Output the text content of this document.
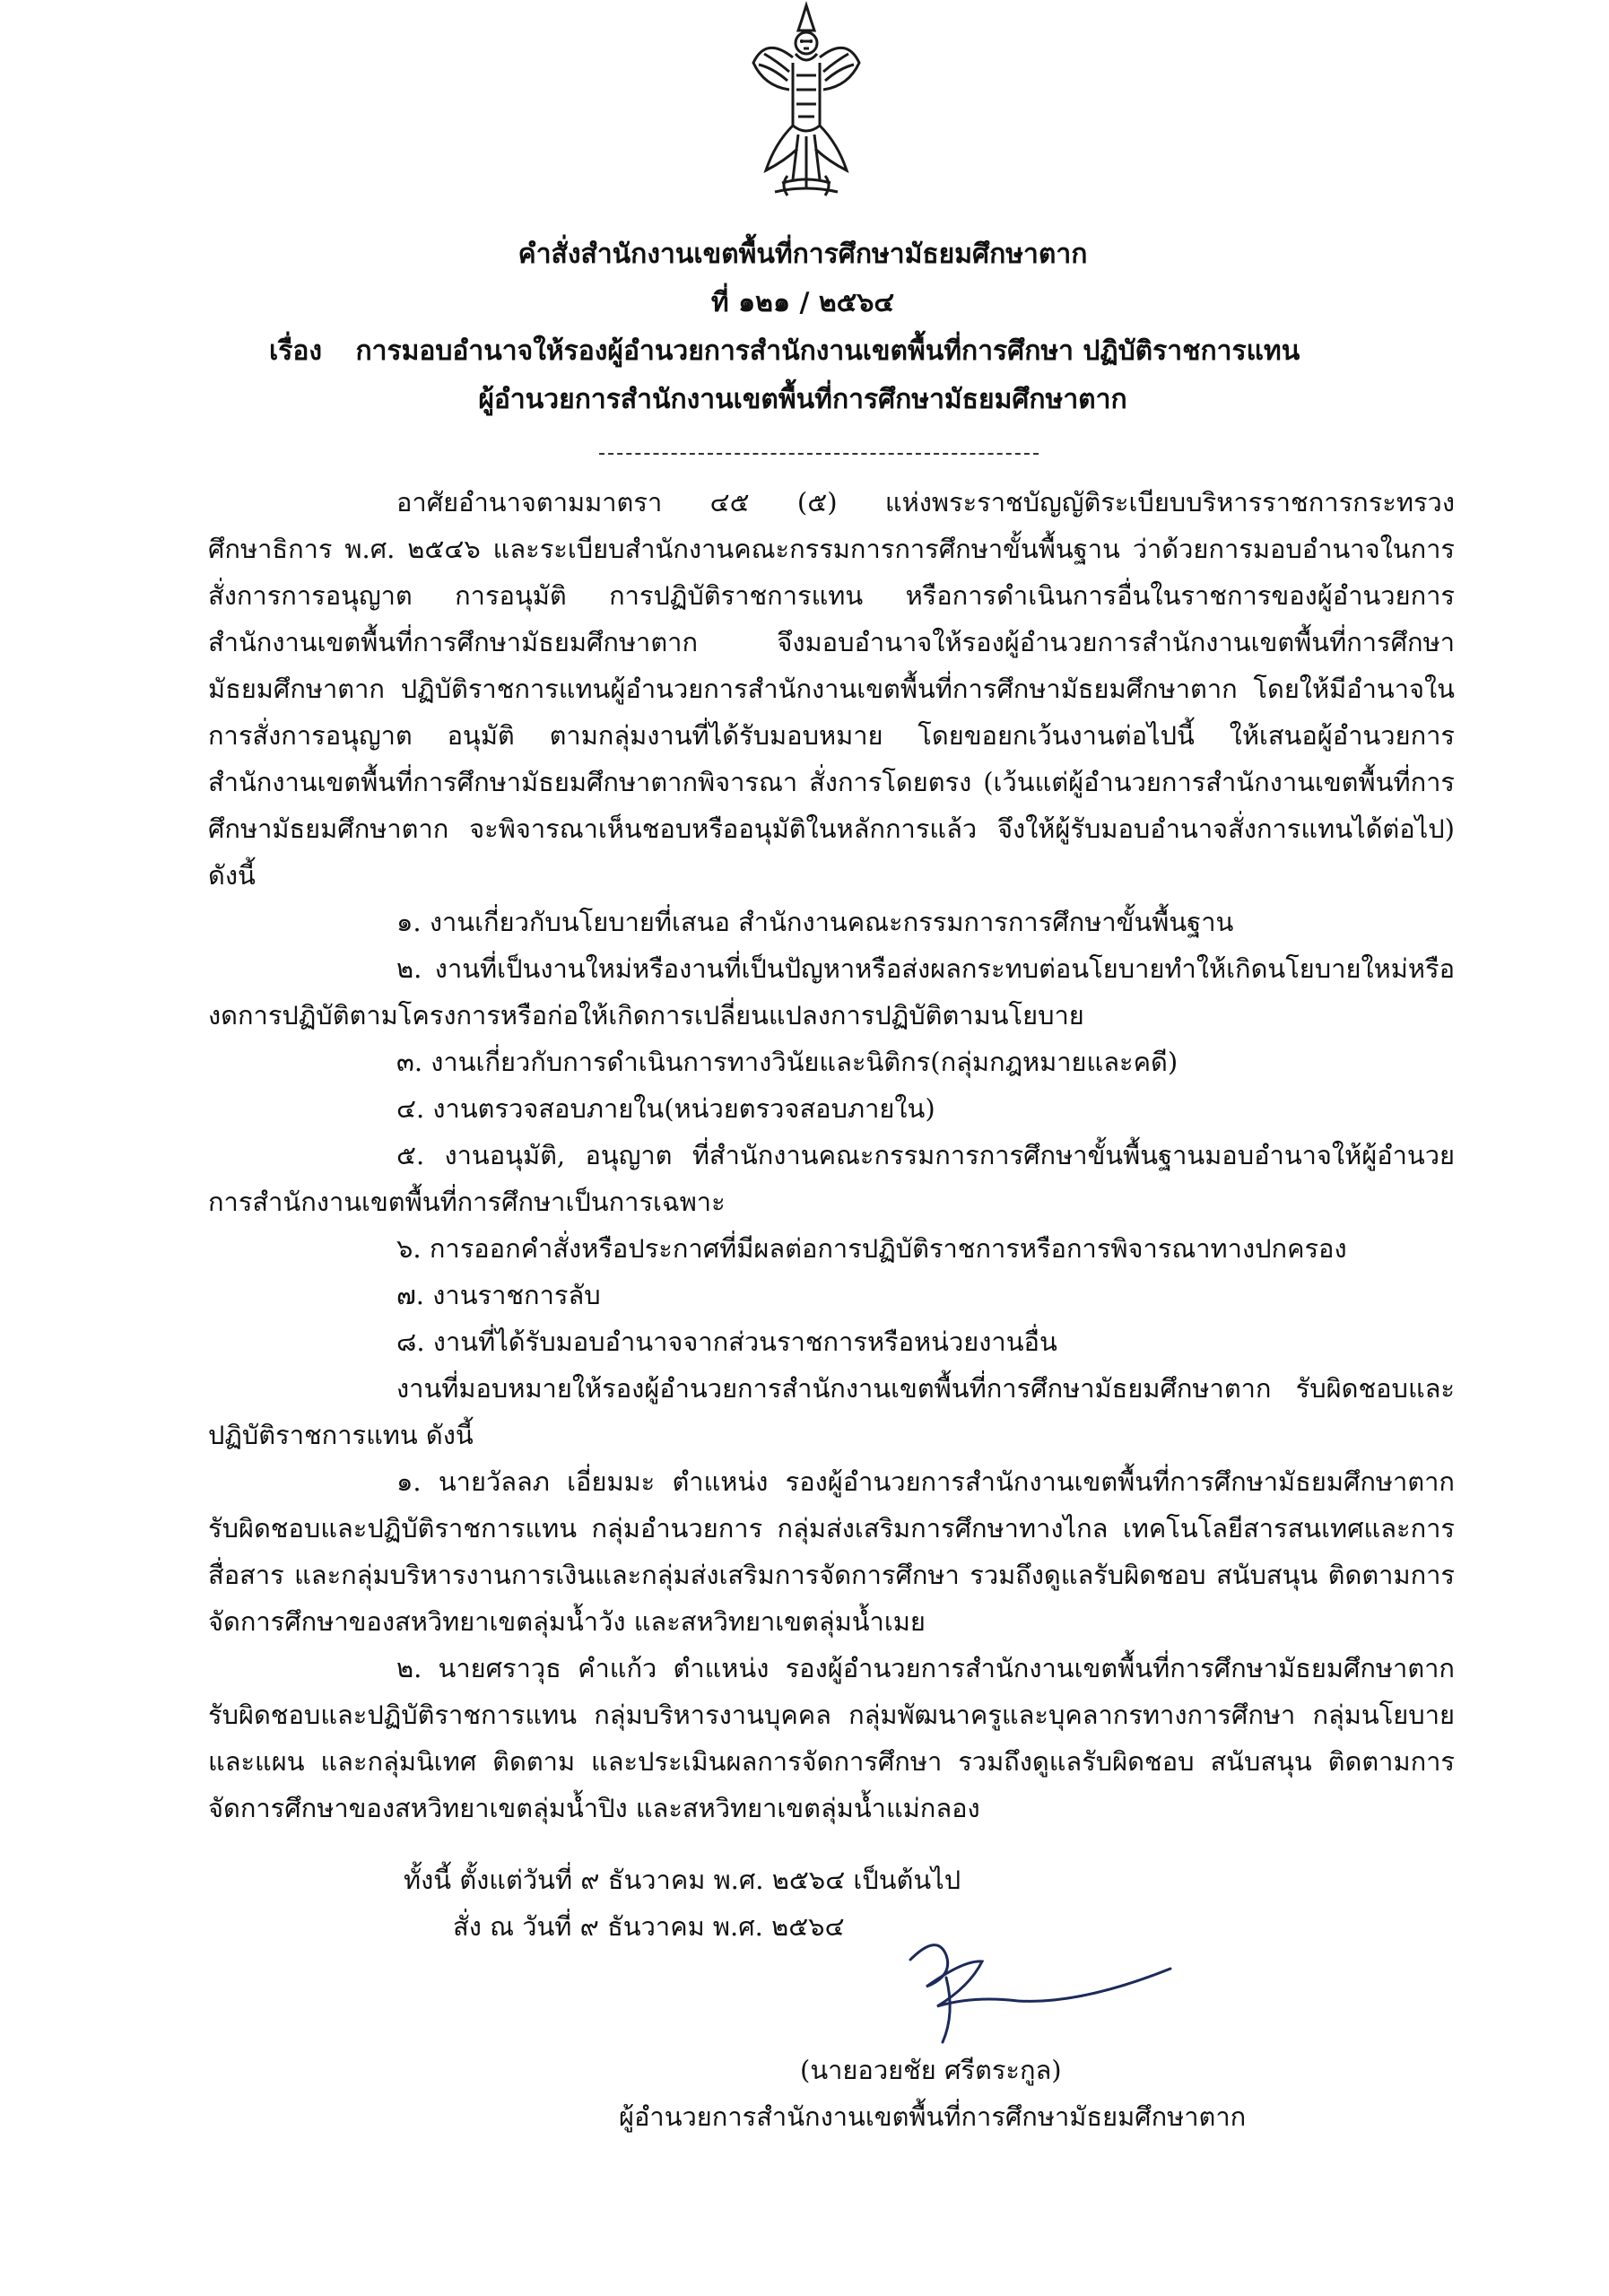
คำสั่งสำนักงานเขตพื้นที่การศึกษามัธยมศึกษาตาก
ที่ ๑๒๑ / ๒๕๖๔
เรื่อง การมอบอำนาจให้รองผู้อำนวยการสำนักงานเขตพื้นที่การศึกษา ปฏิบัติราชการแทน
ผู้อำนวยการสำนักงานเขตพื้นที่การศึกษามัธยมศึกษาตาก

อาศัยอำนาจตามมาตรา ๔๕ (๕) แห่งพระราชบัญญัติระเบียบบริหารราชการกระทรวงศึกษาธิการ พ.ศ. ๒๕๔๖ และระเบียบสำนักงานคณะกรรมการการศึกษาขั้นพื้นฐาน ว่าด้วยการมอบอำนาจในการสั่งการการอนุญาต การอนุมัติ การปฏิบัติราชการแทน หรือการดำเนินการอื่นในราชการของผู้อำนวยการสำนักงานเขตพื้นที่การศึกษามัธยมศึกษาตาก จึงมอบอำนาจให้รองผู้อำนวยการสำนักงานเขตพื้นที่การศึกษามัธยมศึกษาตาก ปฏิบัติราชการแทนผู้อำนวยการสำนักงานเขตพื้นที่การศึกษามัธยมศึกษาตาก โดยให้มีอำนาจในการสั่งการอนุญาต อนุมัติ ตามกลุ่มงานที่ได้รับมอบหมาย โดยขอยกเว้นงานต่อไปนี้ ให้เสนอผู้อำนวยการสำนักงานเขตพื้นที่การศึกษามัธยมศึกษาตากพิจารณา สั่งการโดยตรง (เว้นแต่ผู้อำนวยการสำนักงานเขตพื้นที่การศึกษามัธยมศึกษาตาก จะพิจารณาเห็นชอบหรืออนุมัติในหลักการแล้ว จึงให้ผู้รับมอบอำนาจสั่งการแทนได้ต่อไป) ดังนี้

๑. งานเกี่ยวกับนโยบายที่เสนอ สำนักงานคณะกรรมการการศึกษาขั้นพื้นฐาน

๒. งานที่เป็นงานใหม่หรืองานที่เป็นปัญหาหรือส่งผลกระทบต่อนโยบายทำให้เกิดนโยบายใหม่หรืองดการปฏิบัติตามโครงการหรือก่อให้เกิดการเปลี่ยนแปลงการปฏิบัติตามนโยบาย

๓. งานเกี่ยวกับการดำเนินการทางวินัยและนิติกร(กลุ่มกฎหมายและคดี)

๔. งานตรวจสอบภายใน(หน่วยตรวจสอบภายใน)

๕. งานอนุมัติ, อนุญาต ที่สำนักงานคณะกรรมการการศึกษาขั้นพื้นฐานมอบอำนาจให้ผู้อำนวยการสำนักงานเขตพื้นที่การศึกษาเป็นการเฉพาะ

๖. การออกคำสั่งหรือประกาศที่มีผลต่อการปฏิบัติราชการหรือการพิจารณาทางปกครอง

๗. งานราชการลับ

๘. งานที่ได้รับมอบอำนาจจากส่วนราชการหรือหน่วยงานอื่น

งานที่มอบหมายให้รองผู้อำนวยการสำนักงานเขตพื้นที่การศึกษามัธยมศึกษาตาก รับผิดชอบและปฏิบัติราชการแทน ดังนี้

๑. นายวัลลภ เอี่ยมมะ ตำแหน่ง รองผู้อำนวยการสำนักงานเขตพื้นที่การศึกษามัธยมศึกษาตาก รับผิดชอบและปฏิบัติราชการแทน กลุ่มอำนวยการ กลุ่มส่งเสริมการศึกษาทางไกล เทคโนโลยีสารสนเทศและการสื่อสาร และกลุ่มบริหารงานการเงินและกลุ่มส่งเสริมการจัดการศึกษา รวมถึงดูแลรับผิดชอบ สนับสนุน ติดตามการจัดการศึกษาของสหวิทยาเขตลุ่มน้ำวัง และสหวิทยาเขตลุ่มน้ำเมย

๒. นายศราวุธ คำแก้ว ตำแหน่ง รองผู้อำนวยการสำนักงานเขตพื้นที่การศึกษามัธยมศึกษาตาก รับผิดชอบและปฏิบัติราชการแทน กลุ่มบริหารงานบุคคล กลุ่มพัฒนาครูและบุคลากรทางการศึกษา กลุ่มนโยบายและแผน และกลุ่มนิเทศ ติดตาม และประเมินผลการจัดการศึกษา รวมถึงดูแลรับผิดชอบ สนับสนุน ติดตามการจัดการศึกษาของสหวิทยาเขตลุ่มน้ำปิง และสหวิทยาเขตลุ่มน้ำแม่กลอง

ทั้งนี้ ตั้งแต่วันที่ ๙ ธันวาคม พ.ศ. ๒๕๖๔ เป็นต้นไป
สั่ง ณ วันที่ ๙ ธันวาคม พ.ศ. ๒๕๖๔
(นายอวยชัย ศรีตระกูล)
ผู้อำนวยการสำนักงานเขตพื้นที่การศึกษามัธยมศึกษาตาก
